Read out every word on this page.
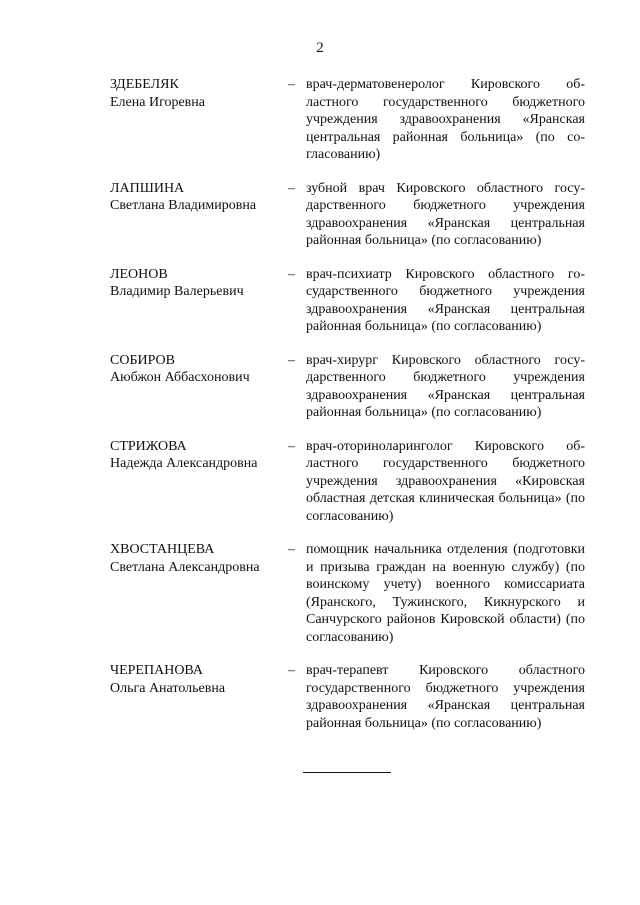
2
ЗДЕБЕЛЯК
Елена Игоревна
– врач-дерматовенеролог Кировского областного государственного бюджетного учреждения здравоохранения «Яранская центральная районная больница» (по согласованию)
ЛАПШИНА
Светлана Владимировна
– зубной врач Кировского областного государственного бюджетного учреждения здравоохранения «Яранская центральная районная больница» (по согласованию)
ЛЕОНОВ
Владимир Валерьевич
– врач-психиатр Кировского областного государственного бюджетного учреждения здравоохранения «Яранская центральная районная больница» (по согласованию)
СОБИРОВ
Аюбжон Аббасхонович
– врач-хирург Кировского областного государственного бюджетного учреждения здравоохранения «Яранская центральная районная больница» (по согласованию)
СТРИЖОВА
Надежда Александровна
– врач-оториноларинголог Кировского областного государственного бюджетного учреждения здравоохранения «Кировская областная детская клиническая больница» (по согласованию)
ХВОСТАНЦЕВА
Светлана Александровна
– помощник начальника отделения (подготовки и призыва граждан на военную службу) (по воинскому учету) военного комиссариата (Яранского, Тужинского, Кикнурского и Санчурского районов Кировской области) (по согласованию)
ЧЕРЕПАНОВА
Ольга Анатольевна
– врач-терапевт Кировского областного государственного бюджетного учреждения здравоохранения «Яранская центральная районная больница» (по согласованию)
